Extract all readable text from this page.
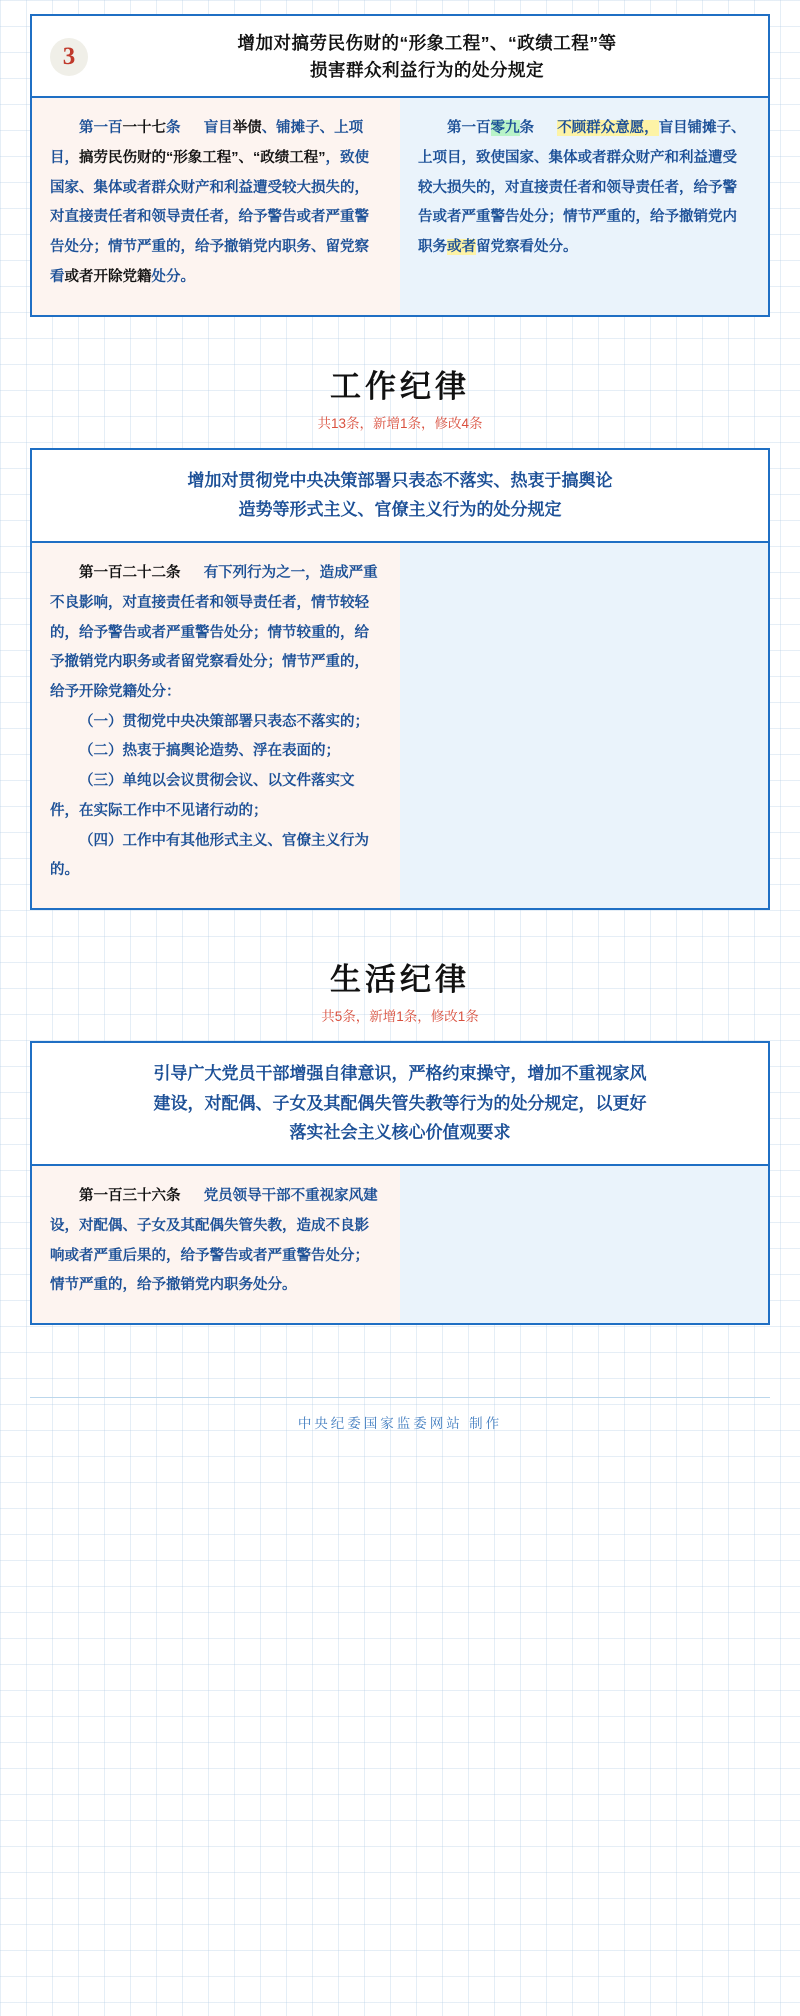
3
增加对搞劳民伤财的“形象工程”、“政绩工程”等
损害群众利益行为的处分规定
第一百一十七条 盲目举债、铺摊子、上项目，搞劳民伤财的“形象工程”、“政绩工程”，致使国家、集体或者群众财产和利益遭受较大损失的，对直接责任者和领导责任者，给予警告或者严重警告处分；情节严重的，给予撤销党内职务、留党察看或者开除党籍处分。
第一百零九条 不顾群众意愿，盲目铺摊子、上项目，致使国家、集体或者群众财产和利益遭受较大损失的，对直接责任者和领导责任者，给予警告或者严重警告处分；情节严重的，给予撤销党内职务或者留党察看处分。
工作纪律
共13条，新增1条，修改4条
增加对贯彻党中央决策部署只表态不落实、热衷于搞舆论
造势等形式主义、官僚主义行为的处分规定
第一百二十二条 有下列行为之一，造成严重不良影响，对直接责任者和领导责任者，情节较轻的，给予警告或者严重警告处分；情节较重的，给予撤销党内职务或者留党察看处分；情节严重的，给予开除党籍处分：
（一）贯彻党中央决策部署只表态不落实的；
（二）热衷于搞舆论造势、浮在表面的；
（三）单纯以会议贯彻会议、以文件落实文件，在实际工作中不见诸行动的；
（四）工作中有其他形式主义、官僚主义行为的。
生活纪律
共5条，新增1条，修改1条
引导广大党员干部增强自律意识，严格约束操守，增加不重视家风
建设，对配偶、子女及其配偶失管失教等行为的处分规定，以更好
落实社会主义核心价值观要求
第一百三十六条 党员领导干部不重视家风建设，对配偶、子女及其配偶失管失教，造成不良影响或者严重后果的，给予警告或者严重警告处分；情节严重的，给予撤销党内职务处分。
中央纪委国家监委网站 制作
